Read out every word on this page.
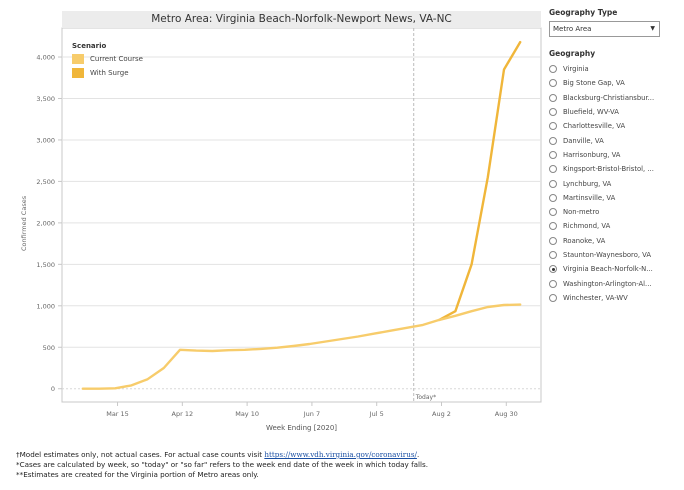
0
500
1,000
1,500
2,000
2,500
3,000
3,500
4,000
Mar 15	Apr 12	May 10	Jun 7	Jul 5	Aug 2	Aug 30
Today*
Metro Area: Virginia Beach-Norfolk-Newport News, VA-NC
Confirmed Cases
Week Ending [2020]
Scenario
Current Course
With Surge
Geography Type
Metro Area	▼
Geography
Virginia
Big Stone Gap, VA
Blacksburg-Christiansbur...
Bluefield, WV-VA
Charlottesville, VA
Danville, VA
Harrisonburg, VA
Kingsport-Bristol-Bristol, ...
Lynchburg, VA
Martinsville, VA
Non-metro
Richmond, VA
Roanoke, VA
Staunton-Waynesboro, VA
Virginia Beach-Norfolk-N...
Washington-Arlington-Al...
Winchester, VA-WV
†Model estimates only, not actual cases. For actual case counts visit https://www.vdh.virginia.gov/coronavirus/.
*Cases are calculated by week, so "today" or "so far" refers to the week end date of the week in which today falls.
**Estimates are created for the Virginia portion of Metro areas only.
